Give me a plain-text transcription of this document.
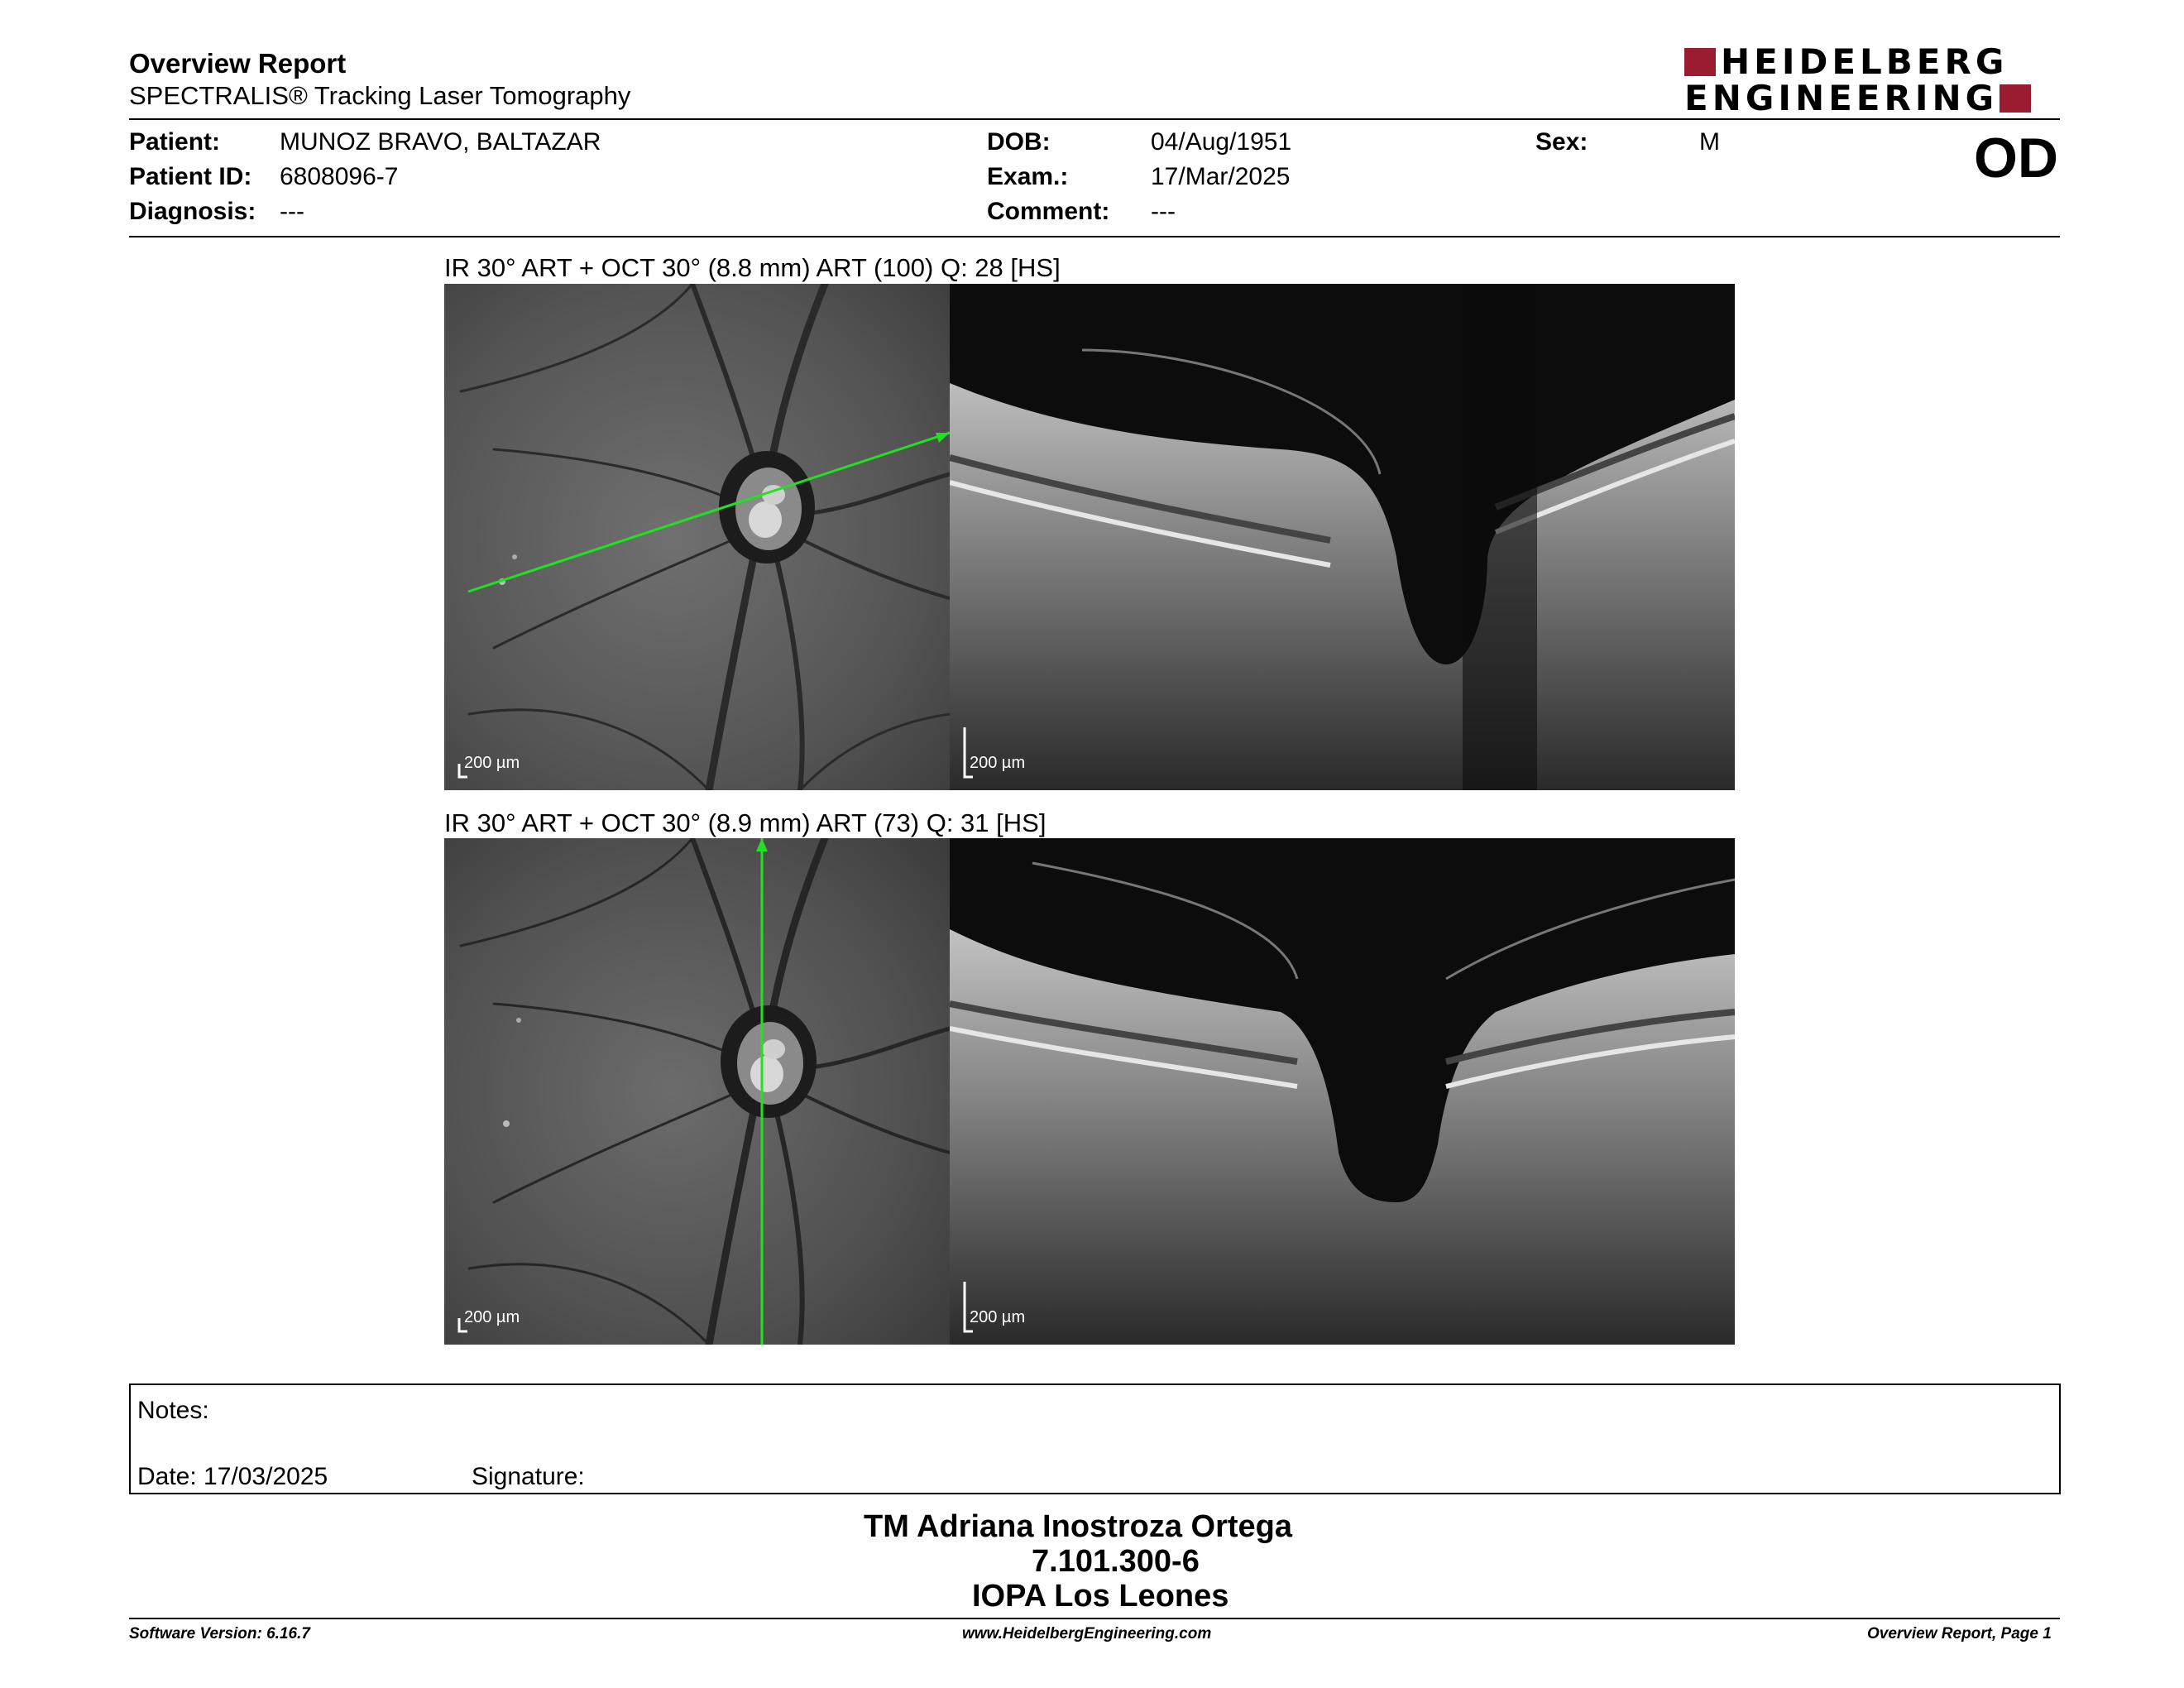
Overview Report
SPECTRALIS® Tracking Laser Tomography
HEIDELBERG
ENGINEERING
Patient: MUNOZ BRAVO, BALTAZAR
Patient ID: 6808096-7
Diagnosis: ---
DOB:	04/Aug/1951
Exam.:	17/Mar/2025
Comment: ---
Sex:	M	OD
IR 30° ART + OCT 30° (8.8 mm) ART (100) Q: 28 [HS]
200 µm	200 µm
IR 30° ART + OCT 30° (8.9 mm) ART (73) Q: 31 [HS]
200 µm	200 µm
Notes:
Date: 17/03/2025	Signature:
TM Adriana Inostroza Ortega
7.101.300-6
IOPA Los Leones
Software Version: 6.16.7	www.HeidelbergEngineering.com	Overview Report, Page 1
